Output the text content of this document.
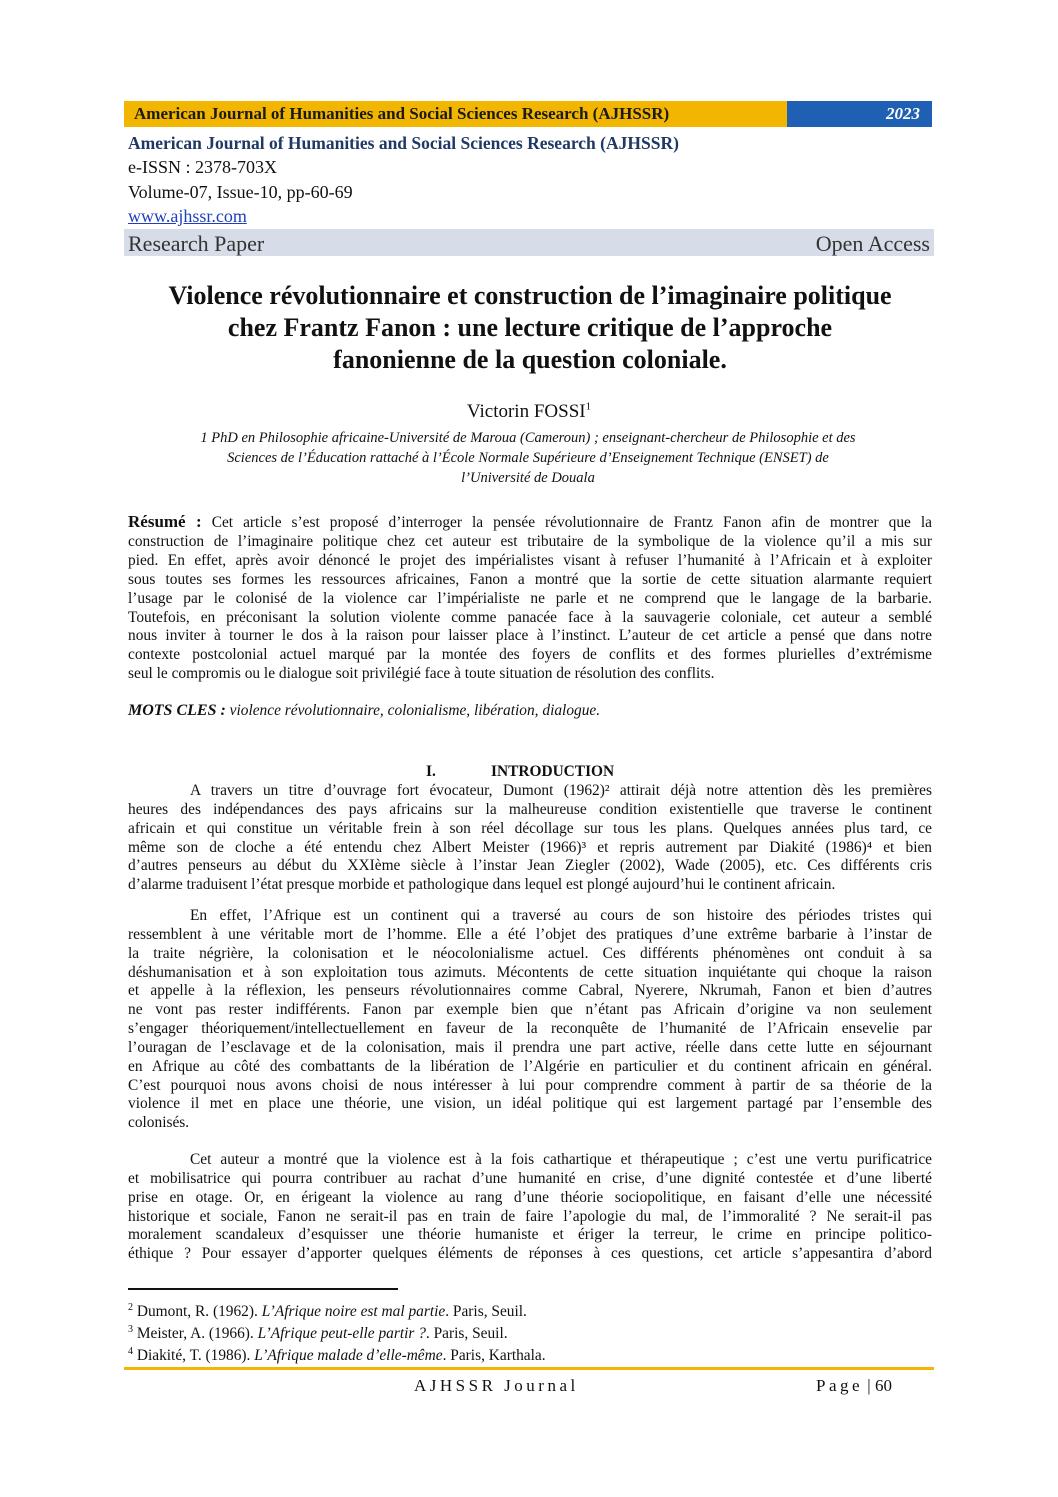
American Journal of Humanities and Social Sciences Research (AJHSSR)	2023
American Journal of Humanities and Social Sciences Research (AJHSSR)
e-ISSN : 2378-703X
Volume-07, Issue-10, pp-60-69
www.ajhssr.com
Research Paper	Open Access
Violence révolutionnaire et construction de l’imaginaire politique
chez Frantz Fanon : une lecture critique de l’approche
fanonienne de la question coloniale.
Victorin FOSSI$^1$
1 PhD en Philosophie africaine-Université de Maroua (Cameroun) ; enseignant-chercheur de Philosophie et des
Sciences de l’Éducation rattaché à l’École Normale Supérieure d’Enseignement Technique (ENSET) de
l’Université de Douala
Résumé : Cet article s’est proposé d’interroger la pensée révolutionnaire de Frantz Fanon afin de montrer que la
construction de l’imaginaire politique chez cet auteur est tributaire de la symbolique de la violence qu’il a mis sur
pied. En effet, après avoir dénoncé le projet des impérialistes visant à refuser l’humanité à l’Africain et à exploiter
sous toutes ses formes les ressources africaines, Fanon a montré que la sortie de cette situation alarmante requiert
l’usage par le colonisé de la violence car l’impérialiste ne parle et ne comprend que le langage de la barbarie.
Toutefois, en préconisant la solution violente comme panacée face à la sauvagerie coloniale, cet auteur a semblé
nous inviter à tourner le dos à la raison pour laisser place à l’instinct. L’auteur de cet article a pensé que dans notre
contexte postcolonial actuel marqué par la montée des foyers de conflits et des formes plurielles d’extrémisme
seul le compromis ou le dialogue soit privilégié face à toute situation de résolution des conflits.
MOTS CLES : violence révolutionnaire, colonialisme, libération, dialogue.
I.	INTRODUCTION
A travers un titre d’ouvrage fort évocateur, Dumont (1962)² attirait déjà notre attention dès les premières
heures des indépendances des pays africains sur la malheureuse condition existentielle que traverse le continent
africain et qui constitue un véritable frein à son réel décollage sur tous les plans. Quelques années plus tard, ce
même son de cloche a été entendu chez Albert Meister (1966)³ et repris autrement par Diakité (1986)⁴ et bien
d’autres penseurs au début du XXIème siècle à l’instar Jean Ziegler (2002), Wade (2005), etc. Ces différents cris
d’alarme traduisent l’état presque morbide et pathologique dans lequel est plongé aujourd’hui le continent africain.
En effet, l’Afrique est un continent qui a traversé au cours de son histoire des périodes tristes qui
ressemblent à une véritable mort de l’homme. Elle a été l’objet des pratiques d’une extrême barbarie à l’instar de
la traite négrière, la colonisation et le néocolonialisme actuel. Ces différents phénomènes ont conduit à sa
déshumanisation et à son exploitation tous azimuts. Mécontents de cette situation inquiétante qui choque la raison
et appelle à la réflexion, les penseurs révolutionnaires comme Cabral, Nyerere, Nkrumah, Fanon et bien d’autres
ne vont pas rester indifférents. Fanon par exemple bien que n’étant pas Africain d’origine va non seulement
s’engager théoriquement/intellectuellement en faveur de la reconquête de l’humanité de l’Africain ensevelie par
l’ouragan de l’esclavage et de la colonisation, mais il prendra une part active, réelle dans cette lutte en séjournant
en Afrique au côté des combattants de la libération de l’Algérie en particulier et du continent africain en général.
C’est pourquoi nous avons choisi de nous intéresser à lui pour comprendre comment à partir de sa théorie de la
violence il met en place une théorie, une vision, un idéal politique qui est largement partagé par l’ensemble des
colonisés.
Cet auteur a montré que la violence est à la fois cathartique et thérapeutique ; c’est une vertu purificatrice
et mobilisatrice qui pourra contribuer au rachat d’une humanité en crise, d’une dignité contestée et d’une liberté
prise en otage. Or, en érigeant la violence au rang d’une théorie sociopolitique, en faisant d’elle une nécessité
historique et sociale, Fanon ne serait-il pas en train de faire l’apologie du mal, de l’immoralité ? Ne serait-il pas
moralement scandaleux d’esquisser une théorie humaniste et ériger la terreur, le crime en principe politico-
éthique ? Pour essayer d’apporter quelques éléments de réponses à ces questions, cet article s’appesantira d’abord
$^2$ Dumont, R. (1962). L’Afrique noire est mal partie. Paris, Seuil.
$^3$ Meister, A. (1966). L’Afrique peut-elle partir ?. Paris, Seuil.
$^4$ Diakité, T. (1986). L’Afrique malade d’elle-même. Paris, Karthala.
AJHSSR Journal	Page | 60
